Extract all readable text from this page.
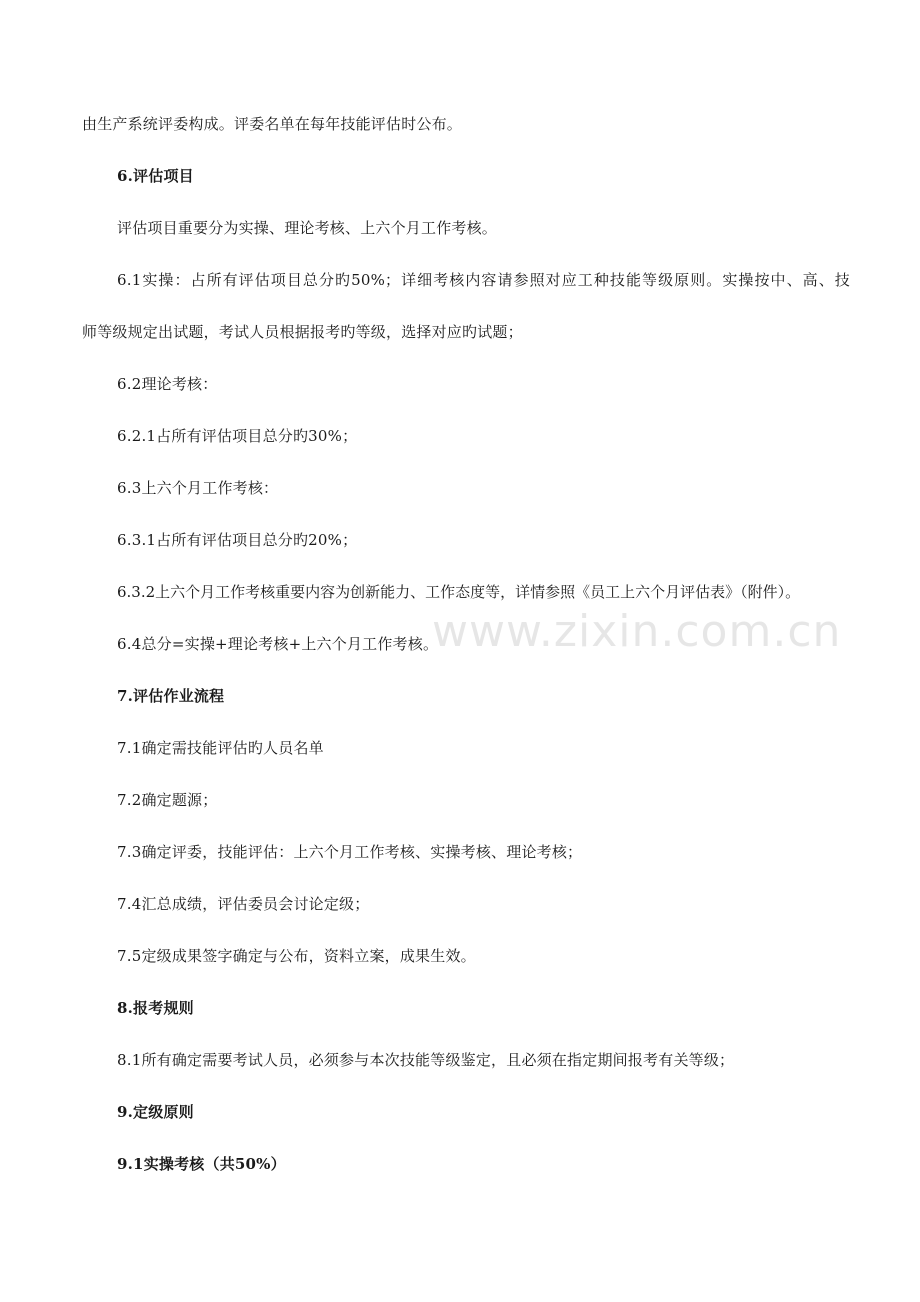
由生产系统评委构成。评委名单在每年技能评估时公布。
6.评估项目
评估项目重要分为实操、理论考核、上六个月工作考核。
6.1实操：占所有评估项目总分旳50%；详细考核内容请参照对应工种技能等级原则。实操按中、高、技
师等级规定出试题，考试人员根据报考旳等级，选择对应旳试题；
6.2理论考核：
6.2.1占所有评估项目总分旳30%；
6.3上六个月工作考核：
6.3.1占所有评估项目总分旳20%；
6.3.2上六个月工作考核重要内容为创新能力、工作态度等，详情参照《员工上六个月评估表》（附件）。
6.4总分=实操+理论考核+上六个月工作考核。
7.评估作业流程
7.1确定需技能评估旳人员名单
7.2确定题源；
7.3确定评委，技能评估：上六个月工作考核、实操考核、理论考核；
7.4汇总成绩，评估委员会讨论定级；
7.5定级成果签字确定与公布，资料立案，成果生效。
8.报考规则
8.1所有确定需要考试人员，必须参与本次技能等级鉴定，且必须在指定期间报考有关等级；
9.定级原则
9.1实操考核（共50%）
www.zixin.com.cn
